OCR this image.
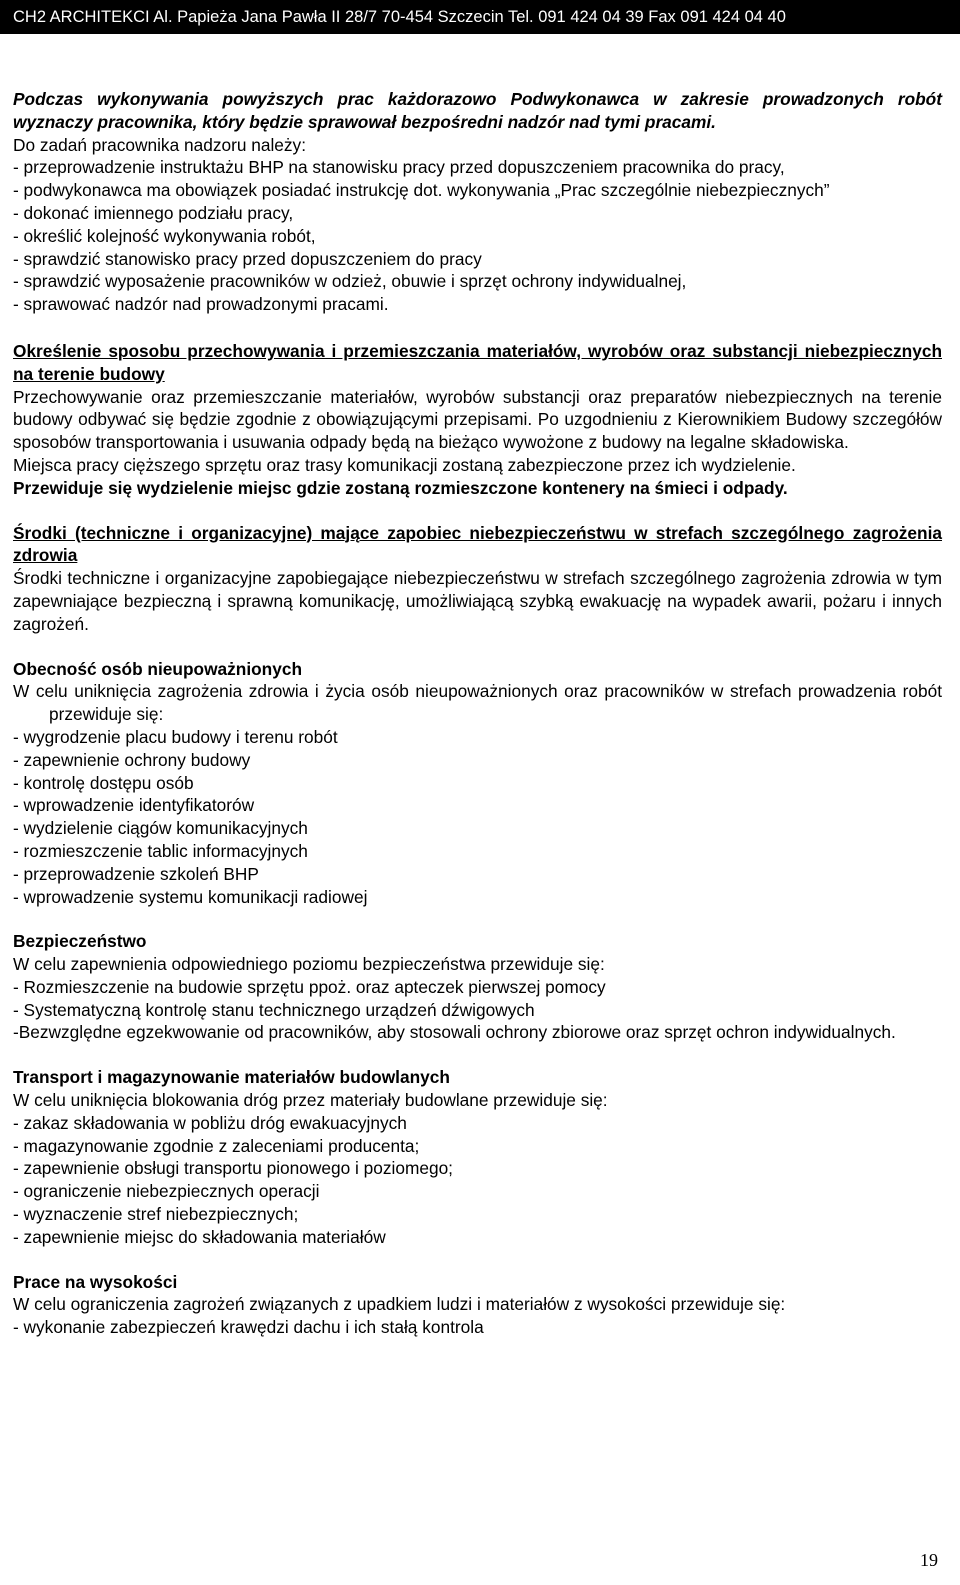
CH2 ARCHITEKCI Al. Papieża Jana Pawła II 28/7 70-454 Szczecin Tel. 091 424 04 39 Fax 091 424 04 40

Podczas wykonywania powyższych prac każdorazowo Podwykonawca w zakresie prowadzonych robót wyznaczy pracownika, który będzie sprawował bezpośredni nadzór nad tymi pracami.

Do zadań pracownika nadzoru należy:

- przeprowadzenie instruktażu BHP na stanowisku pracy przed dopuszczeniem pracownika do pracy,

- podwykonawca ma obowiązek posiadać instrukcję dot. wykonywania „Prac szczególnie niebezpiecznych”

- dokonać imiennego podziału pracy,

- określić kolejność wykonywania robót,

- sprawdzić stanowisko pracy przed dopuszczeniem do pracy

- sprawdzić wyposażenie pracowników w odzież, obuwie i sprzęt ochrony indywidualnej,

- sprawować nadzór nad prowadzonymi pracami.

Określenie sposobu przechowywania i przemieszczania materiałów, wyrobów oraz substancji niebezpiecznych na terenie budowy

Przechowywanie oraz przemieszczanie materiałów, wyrobów substancji oraz preparatów niebezpiecznych na terenie budowy odbywać się będzie zgodnie z obowiązującymi przepisami. Po uzgodnieniu z Kierownikiem Budowy szczegółów sposobów transportowania i usuwania odpady będą na bieżąco wywożone z budowy na legalne składowiska.

Miejsca pracy cięższego sprzętu oraz trasy komunikacji zostaną zabezpieczone przez ich wydzielenie.

Przewiduje się wydzielenie miejsc gdzie zostaną rozmieszczone kontenery na śmieci i odpady.

Środki (techniczne i organizacyjne) mające zapobiec niebezpieczeństwu w strefach szczególnego zagrożenia zdrowia

Środki techniczne i organizacyjne zapobiegające niebezpieczeństwu w strefach szczególnego zagrożenia zdrowia w tym zapewniające bezpieczną i sprawną komunikację, umożliwiającą szybką ewakuację na wypadek awarii, pożaru i innych zagrożeń.

Obecność osób nieupoważnionych

W celu uniknięcia zagrożenia zdrowia i życia osób nieupoważnionych oraz pracowników w strefach prowadzenia robót przewiduje się:

- wygrodzenie placu budowy i terenu robót

- zapewnienie ochrony budowy

- kontrolę dostępu osób

- wprowadzenie identyfikatorów

- wydzielenie ciągów komunikacyjnych

- rozmieszczenie tablic informacyjnych

- przeprowadzenie szkoleń BHP

- wprowadzenie systemu komunikacji radiowej

Bezpieczeństwo

W celu zapewnienia odpowiedniego poziomu bezpieczeństwa przewiduje się:

- Rozmieszczenie na budowie sprzętu ppoż. oraz apteczek pierwszej pomocy

- Systematyczną kontrolę stanu technicznego urządzeń dźwigowych

-Bezwzględne egzekwowanie od pracowników, aby stosowali ochrony zbiorowe oraz sprzęt ochron indywidualnych.

Transport i magazynowanie materiałów budowlanych

W celu uniknięcia blokowania dróg przez materiały budowlane przewiduje się:

- zakaz składowania w pobliżu dróg ewakuacyjnych

- magazynowanie zgodnie z zaleceniami producenta;

- zapewnienie obsługi transportu pionowego i poziomego;

- ograniczenie niebezpiecznych operacji

- wyznaczenie stref niebezpiecznych;

- zapewnienie miejsc do składowania materiałów

Prace na wysokości

W celu ograniczenia zagrożeń związanych z upadkiem ludzi i materiałów z wysokości przewiduje się:

- wykonanie zabezpieczeń krawędzi dachu i ich stałą kontrola

19
